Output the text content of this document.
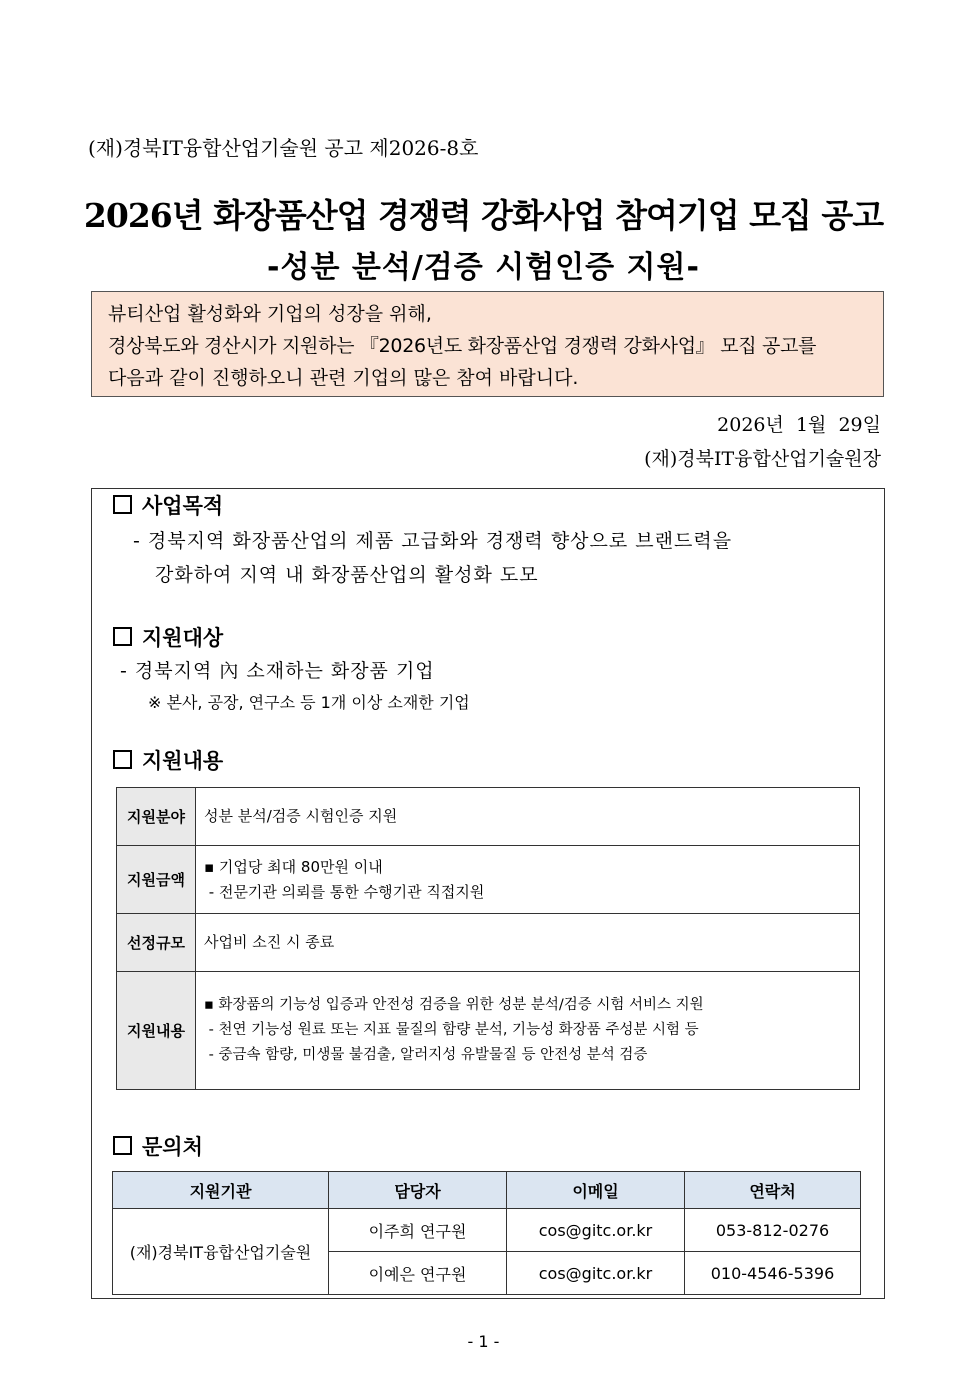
(재)경북IT융합산업기술원 공고 제2026-8호
2026년 화장품산업 경쟁력 강화사업 참여기업 모집 공고
-성분 분석/검증 시험인증 지원-
뷰티산업 활성화와 기업의 성장을 위해,
경상북도와 경산시가 지원하는 『2026년도 화장품산업 경쟁력 강화사업』 모집 공고를
다음과 같이 진행하오니 관련 기업의 많은 참여 바랍니다.
2026년  1월  29일
(재)경북IT융합산업기술원장
사업목적
- 경북지역 화장품산업의 제품 고급화와 경쟁력 향상으로 브랜드력을
강화하여 지역 내 화장품산업의 활성화 도모
지원대상
- 경북지역 內 소재하는 화장품 기업
※ 본사, 공장, 연구소 등 1개 이상 소재한 기업
지원내용
지원분야	성분 분석/검증 시험인증 지원

지원금액	▪ 기업당 최대 80만원 이내
- 전문기관 의뢰를 통한 수행기관 직접지원

선정규모	사업비 소진 시 종료

지원내용	▪ 화장품의 기능성 입증과 안전성 검증을 위한 성분 분석/검증 시험 서비스 지원
- 천연 기능성 원료 또는 지표 물질의 함량 분석, 기능성 화장품 주성분 시험 등
- 중금속 함량, 미생물 불검출, 알러지성 유발물질 등 안전성 분석 검증
문의처
지원기관	담당자	이메일	연락처
(재)경북IT융합산업기술원	이주희 연구원	cos@gitc.or.kr	053-812-0276
	이예은 연구원	cos@gitc.or.kr	010-4546-5396
- 1 -
